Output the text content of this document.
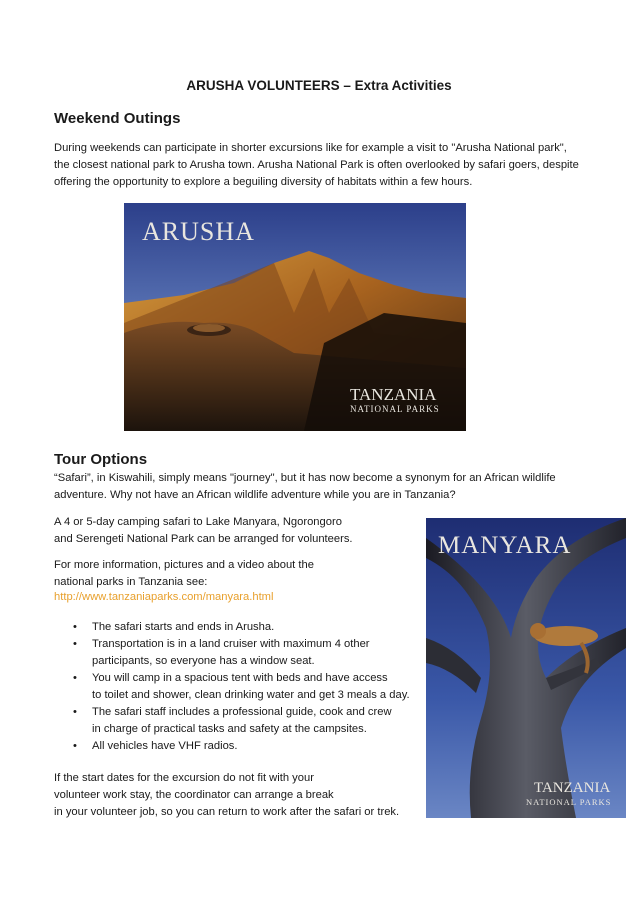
ARUSHA VOLUNTEERS – Extra Activities
Weekend Outings

During weekends can participate in shorter excursions like for example a visit to "Arusha National park",
the closest national park to Arusha town. Arusha National Park is often overlooked by safari goers, despite
offering the opportunity to explore a beguiling diversity of habitats within a few hours.

ARUSHA
TANZANIA
NATIONAL PARKS
Tour Options

“Safari”, in Kiswahili, simply means "journey", but it has now become a synonym for an African wildlife
adventure. Why not have an African wildlife adventure while you are in Tanzania?

A 4 or 5-day camping safari to Lake Manyara, Ngorongoro
and Serengeti National Park can be arranged for volunteers.

For more information, pictures and a video about the
national parks in Tanzania see:

http://www.tanzaniaparks.com/manyara.html
• The safari starts and ends in Arusha.
• Transportation is in a land cruiser with maximum 4 other
participants, so everyone has a window seat.
• You will camp in a spacious tent with beds and have access
to toilet and shower, clean drinking water and get 3 meals a day.
• The safari staff includes a professional guide, cook and crew
in charge of practical tasks and safety at the campsites.
• All vehicles have VHF radios.

If the start dates for the excursion do not fit with your
volunteer work stay, the coordinator can arrange a break
in your volunteer job, so you can return to work after the safari or trek.

MANYARA
TANZANIA
NATIONAL PARKS
